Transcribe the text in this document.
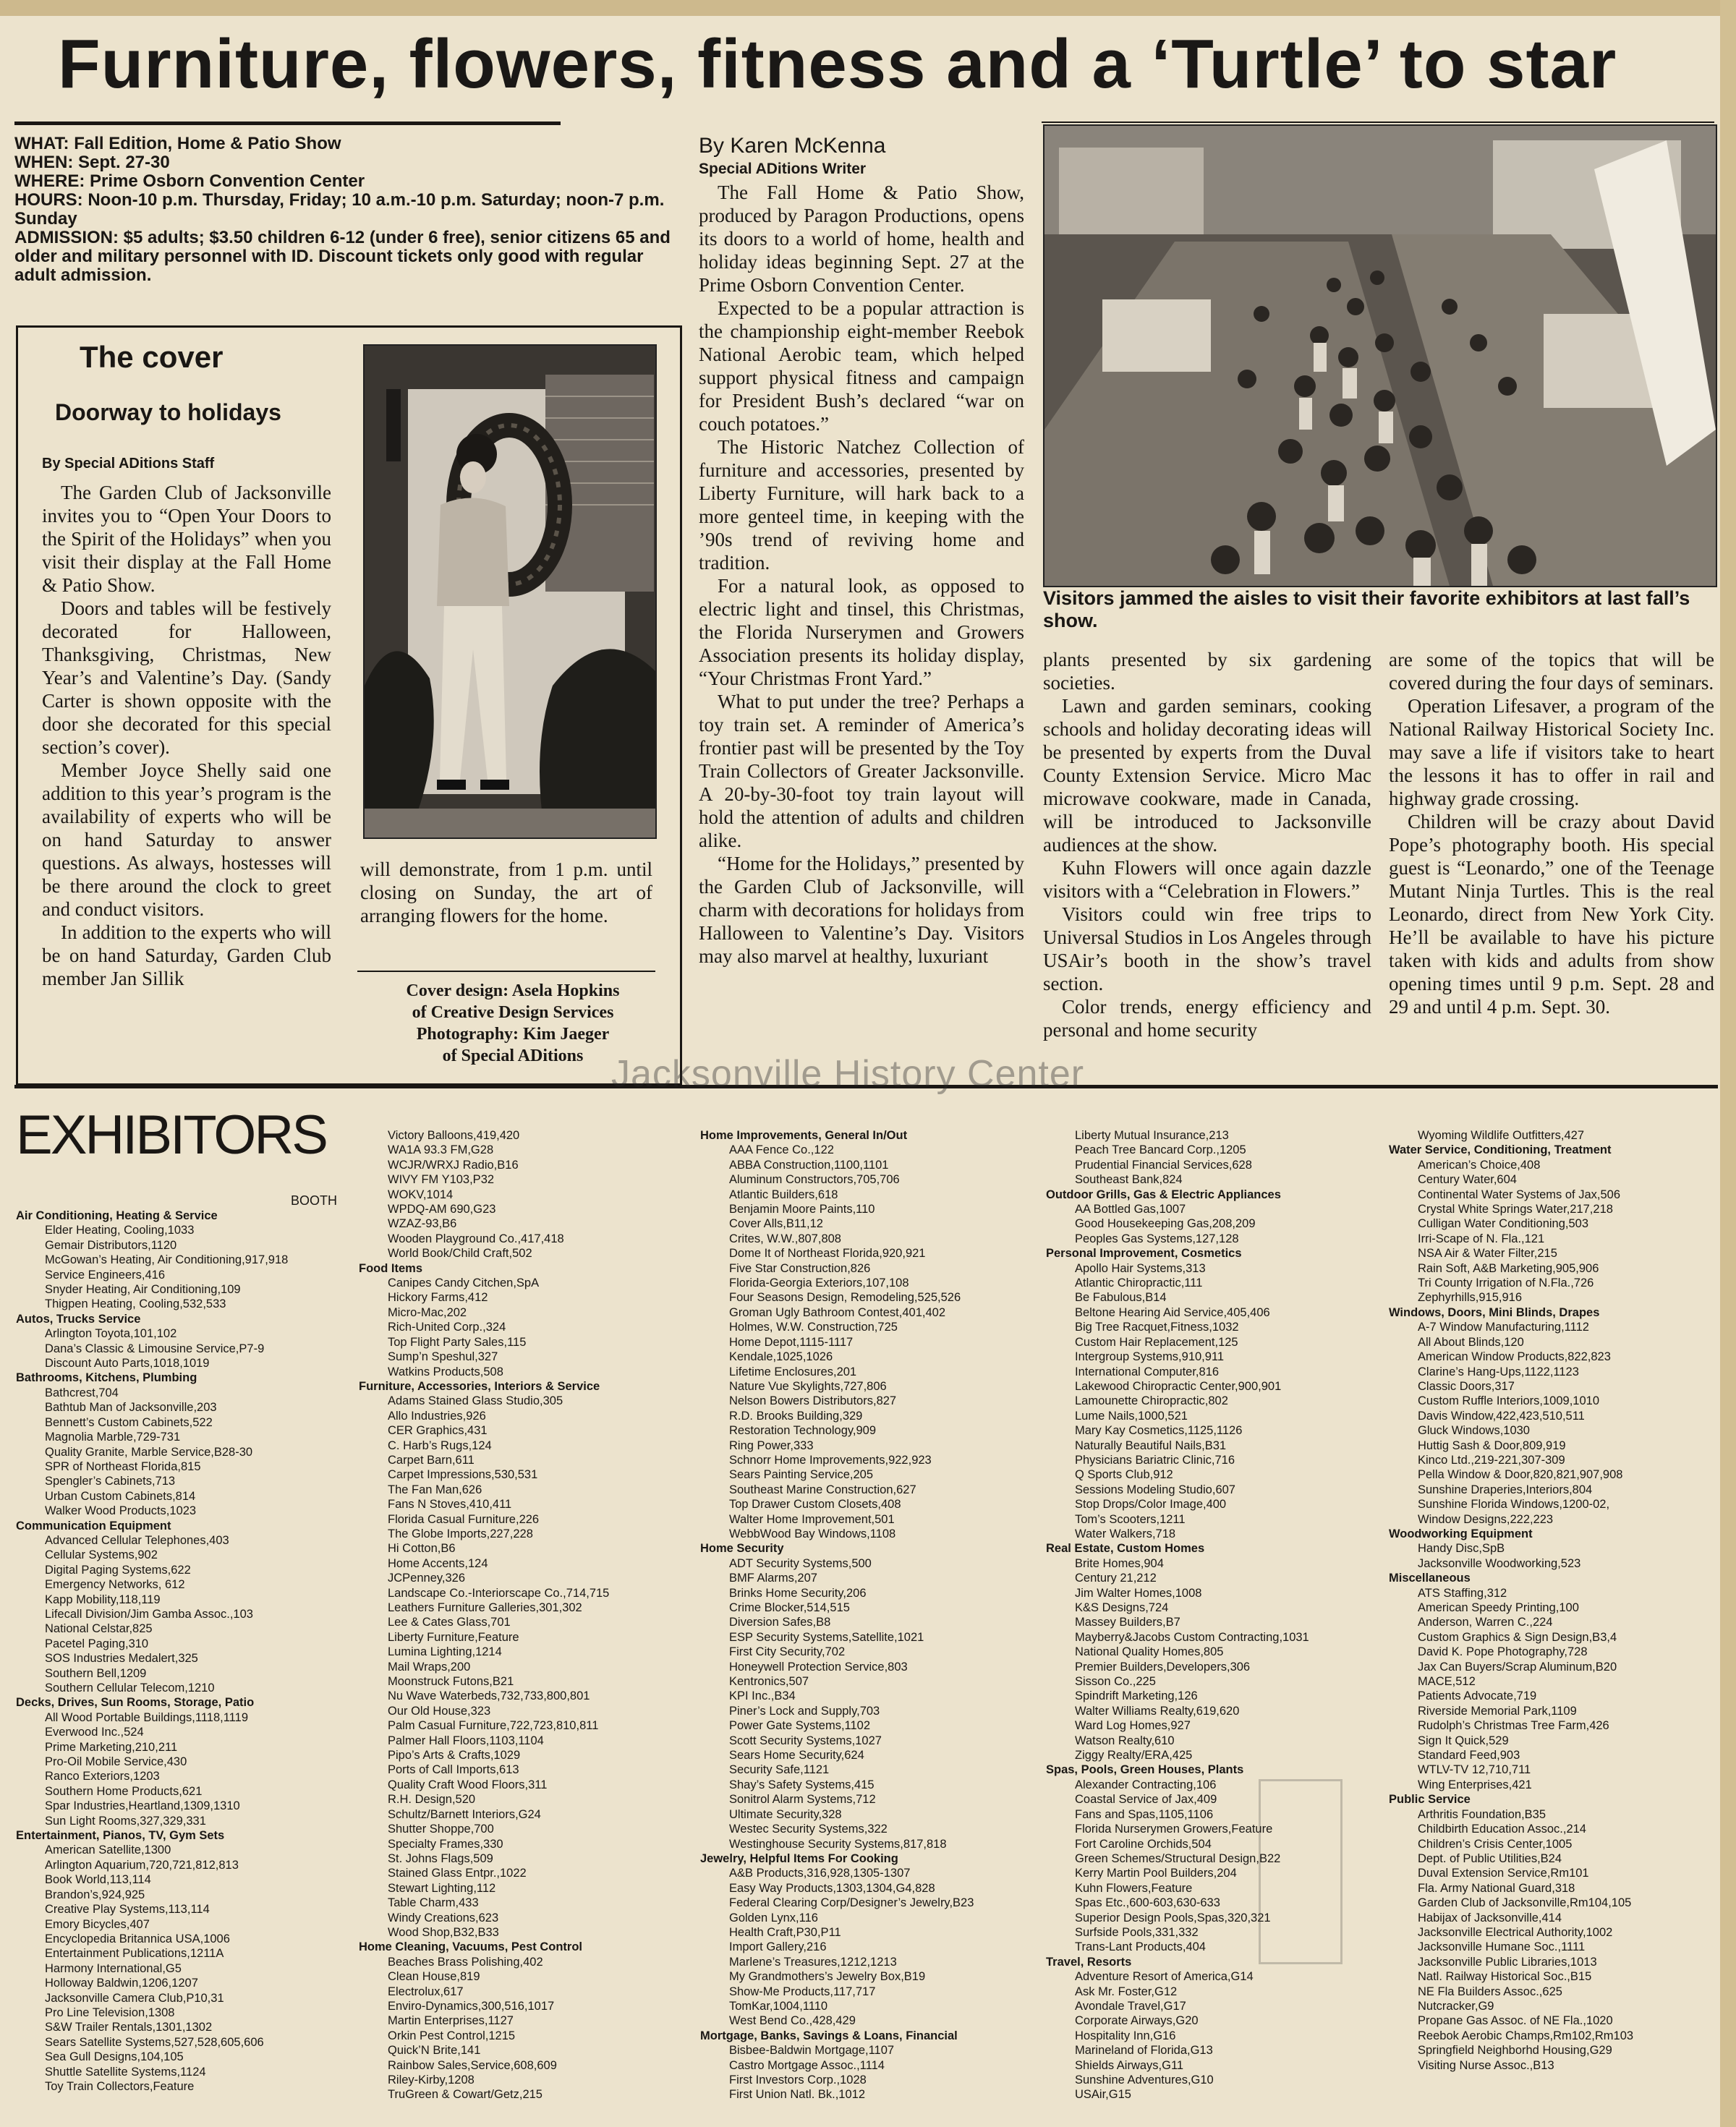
Furniture, flowers, fitness and a ‘Turtle’ to star
WHAT: Fall Edition, Home & Patio Show
WHEN: Sept. 27-30
WHERE: Prime Osborn Convention Center
HOURS: Noon-10 p.m. Thursday, Friday; 10 a.m.-10 p.m. Saturday; noon-7 p.m. Sunday
ADMISSION: $5 adults; $3.50 children 6-12 (under 6 free), senior citizens 65 and older and military personnel with ID. Discount tickets only good with regular adult admission.
The cover
Doorway to holidays
By Special ADitions Staff

The Garden Club of Jacksonville invites you to “Open Your Doors to the Spirit of the Holidays” when you visit their display at the Fall Home & Patio Show.

Doors and tables will be festively decorated for Halloween, Thanksgiving, Christmas, New Year’s and Valentine’s Day. (Sandy Carter is shown opposite with the door she decorated for this special section’s cover).

Member Joyce Shelly said one addition to this year’s program is the availability of experts who will be on hand Saturday to answer questions. As always, hostesses will be there around the clock to greet and conduct visitors.

In addition to the experts who will be on hand Saturday, Garden Club member Jan Sillik

will demonstrate, from 1 p.m. until closing on Sunday, the art of arranging flowers for the home.

Cover design: Asela Hopkins
of Creative Design Services
Photography: Kim Jaeger
of Special ADitions
By Karen McKenna
Special ADitions Writer

The Fall Home & Patio Show, produced by Paragon Productions, opens its doors to a world of home, health and holiday ideas beginning Sept. 27 at the Prime Osborn Convention Center.

Expected to be a popular attraction is the championship eight-member Reebok National Aerobic team, which helped support physical fitness and campaign for President Bush’s declared “war on couch potatoes.”

The Historic Natchez Collection of furniture and accessories, presented by Liberty Furniture, will hark back to a more genteel time, in keeping with the ’90s trend of reviving home and tradition.

For a natural look, as opposed to electric light and tinsel, this Christmas, the Florida Nurserymen and Growers Association presents its holiday display, “Your Christmas Front Yard.”

What to put under the tree? Perhaps a toy train set. A reminder of America’s frontier past will be presented by the Toy Train Collectors of Greater Jacksonville. A 20-by-30-foot toy train layout will hold the attention of adults and children alike.

“Home for the Holidays,” presented by the Garden Club of Jacksonville, will charm with decorations for holidays from Halloween to Valentine’s Day. Visitors may also marvel at healthy, luxuriant

Visitors jammed the aisles to visit their favorite exhibitors at last fall’s show.

plants presented by six gardening societies.

Lawn and garden seminars, cooking schools and holiday decorating ideas will be presented by experts from the Duval County Extension Service. Micro Mac microwave cookware, made in Canada, will be introduced to Jacksonville audiences at the show.

Kuhn Flowers will once again dazzle visitors with a “Celebration in Flowers.”

Visitors could win free trips to Universal Studios in Los Angeles through USAir’s booth in the show’s travel section.

Color trends, energy efficiency and personal and home security

are some of the topics that will be covered during the four days of seminars.

Operation Lifesaver, a program of the National Railway Historical Society Inc. may save a life if visitors take to heart the lessons it has to offer in rail and highway grade crossing.

Children will be crazy about David Pope’s photography booth. His special guest is “Leonardo,” one of the Teenage Mutant Ninja Turtles. This is the real Leonardo, direct from New York City. He’ll be available to have his picture taken with kids and adults from show opening times until 9 p.m. Sept. 28 and 29 and until 4 p.m. Sept. 30.

Jacksonville History Center
EXHIBITORS
BOOTH
Air Conditioning, Heating & Service
Elder Heating, Cooling,1033
Gemair Distributors,1120
McGowan’s Heating, Air Conditioning,917,918
Service Engineers,416
Snyder Heating, Air Conditioning,109
Thigpen Heating, Cooling,532,533
Autos, Trucks Service
Arlington Toyota,101,102
Dana’s Classic & Limousine Service,P7-9
Discount Auto Parts,1018,1019
Bathrooms, Kitchens, Plumbing
Bathcrest,704
Bathtub Man of Jacksonville,203
Bennett’s Custom Cabinets,522
Magnolia Marble,729-731
Quality Granite, Marble Service,B28-30
SPR of Northeast Florida,815
Spengler’s Cabinets,713
Urban Custom Cabinets,814
Walker Wood Products,1023
Communication Equipment
Advanced Cellular Telephones,403
Cellular Systems,902
Digital Paging Systems,622
Emergency Networks, 612
Kapp Mobility,118,119
Lifecall Division/Jim Gamba Assoc.,103
National Celstar,825
Pacetel Paging,310
SOS Industries Medalert,325
Southern Bell,1209
Southern Cellular Telecom,1210
Decks, Drives, Sun Rooms, Storage, Patio
All Wood Portable Buildings,1118,1119
Everwood Inc.,524
Prime Marketing,210,211
Pro-Oil Mobile Service,430
Ranco Exteriors,1203
Southern Home Products,621
Spar Industries,Heartland,1309,1310
Sun Light Rooms,327,329,331
Entertainment, Pianos, TV, Gym Sets
American Satellite,1300
Arlington Aquarium,720,721,812,813
Book World,113,114
Brandon’s,924,925
Creative Play Systems,113,114
Emory Bicycles,407
Encyclopedia Britannica USA,1006
Entertainment Publications,1211A
Harmony International,G5
Holloway Baldwin,1206,1207
Jacksonville Camera Club,P10,31
Pro Line Television,1308
S&W Trailer Rentals,1301,1302
Sears Satellite Systems,527,528,605,606
Sea Gull Designs,104,105
Shuttle Satellite Systems,1124
Toy Train Collectors,Feature
Victory Balloons,419,420
WA1A 93.3 FM,G28
WCJR/WRXJ Radio,B16
WIVY FM Y103,P32
WOKV,1014
WPDQ-AM 690,G23
WZAZ-93,B6
Wooden Playground Co.,417,418
World Book/Child Craft,502
Food Items
Canipes Candy Citchen,SpA
Hickory Farms,412
Micro-Mac,202
Rich-United Corp.,324
Top Flight Party Sales,115
Sump’n Speshul,327
Watkins Products,508
Furniture, Accessories, Interiors & Service
Adams Stained Glass Studio,305
Allo Industries,926
CER Graphics,431
C. Harb’s Rugs,124
Carpet Barn,611
Carpet Impressions,530,531
The Fan Man,626
Fans N Stoves,410,411
Florida Casual Furniture,226
The Globe Imports,227,228
Hi Cotton,B6
Home Accents,124
JCPenney,326
Landscape Co.-Interiorscape Co.,714,715
Leathers Furniture Galleries,301,302
Lee & Cates Glass,701
Liberty Furniture,Feature
Lumina Lighting,1214
Mail Wraps,200
Moonstruck Futons,B21
Nu Wave Waterbeds,732,733,800,801
Our Old House,323
Palm Casual Furniture,722,723,810,811
Palmer Hall Floors,1103,1104
Pipo’s Arts & Crafts,1029
Ports of Call Imports,613
Quality Craft Wood Floors,311
R.H. Design,520
Schultz/Barnett Interiors,G24
Shutter Shoppe,700
Specialty Frames,330
St. Johns Flags,509
Stained Glass Entpr.,1022
Stewart Lighting,112
Table Charm,433
Windy Creations,623
Wood Shop,B32,B33
Home Cleaning, Vacuums, Pest Control
Beaches Brass Polishing,402
Clean House,819
Electrolux,617
Enviro-Dynamics,300,516,1017
Martin Enterprises,1127
Orkin Pest Control,1215
Quick’N Brite,141
Rainbow Sales,Service,608,609
Riley-Kirby,1208
TruGreen & Cowart/Getz,215
Home Improvements, General In/Out
AAA Fence Co.,122
ABBA Construction,1100,1101
Aluminum Constructors,705,706
Atlantic Builders,618
Benjamin Moore Paints,110
Cover Alls,B11,12
Crites, W.W.,807,808
Dome It of Northeast Florida,920,921
Five Star Construction,826
Florida-Georgia Exteriors,107,108
Four Seasons Design, Remodeling,525,526
Groman Ugly Bathroom Contest,401,402
Holmes, W.W. Construction,725
Home Depot,1115-1117
Kendale,1025,1026
Lifetime Enclosures,201
Nature Vue Skylights,727,806
Nelson Bowers Distributors,827
R.D. Brooks Building,329
Restoration Technology,909
Ring Power,333
Schnorr Home Improvements,922,923
Sears Painting Service,205
Southeast Marine Construction,627
Top Drawer Custom Closets,408
Walter Home Improvement,501
WebbWood Bay Windows,1108
Home Security
ADT Security Systems,500
BMF Alarms,207
Brinks Home Security,206
Crime Blocker,514,515
Diversion Safes,B8
ESP Security Systems,Satellite,1021
First City Security,702
Honeywell Protection Service,803
Kentronics,507
KPI Inc.,B34
Piner’s Lock and Supply,703
Power Gate Systems,1102
Scott Security Systems,1027
Sears Home Security,624
Security Safe,1121
Shay’s Safety Systems,415
Sonitrol Alarm Systems,712
Ultimate Security,328
Westec Security Systems,322
Westinghouse Security Systems,817,818
Jewelry, Helpful Items For Cooking
A&B Products,316,928,1305-1307
Easy Way Products,1303,1304,G4,828
Federal Clearing Corp/Designer’s Jewelry,B23
Golden Lynx,116
Health Craft,P30,P11
Import Gallery,216
Marlene’s Treasures,1212,1213
My Grandmothers’s Jewelry Box,B19
Show-Me Products,117,717
TomKar,1004,1110
West Bend Co.,428,429
Mortgage, Banks, Savings & Loans, Financial
Bisbee-Baldwin Mortgage,1107
Castro Mortgage Assoc.,1114
First Investors Corp.,1028
First Union Natl. Bk.,1012
Liberty Mutual Insurance,213
Peach Tree Bancard Corp.,1205
Prudential Financial Services,628
Southeast Bank,824
Outdoor Grills, Gas & Electric Appliances
AA Bottled Gas,1007
Good Housekeeping Gas,208,209
Peoples Gas Systems,127,128
Personal Improvement, Cosmetics
Apollo Hair Systems,313
Atlantic Chiropractic,111
Be Fabulous,B14
Beltone Hearing Aid Service,405,406
Big Tree Racquet,Fitness,1032
Custom Hair Replacement,125
Intergroup Systems,910,911
International Computer,816
Lakewood Chiropractic Center,900,901
Lamounette Chiropractic,802
Lume Nails,1000,521
Mary Kay Cosmetics,1125,1126
Naturally Beautiful Nails,B31
Physicians Bariatric Clinic,716
Q Sports Club,912
Sessions Modeling Studio,607
Stop Drops/Color Image,400
Tom’s Scooters,1211
Water Walkers,718
Real Estate, Custom Homes
Brite Homes,904
Century 21,212
Jim Walter Homes,1008
K&S Designs,724
Massey Builders,B7
Mayberry&Jacobs Custom Contracting,1031
National Quality Homes,805
Premier Builders,Developers,306
Sisson Co.,225
Spindrift Marketing,126
Walter Williams Realty,619,620
Ward Log Homes,927
Watson Realty,610
Ziggy Realty/ERA,425
Spas, Pools, Green Houses, Plants
Alexander Contracting,106
Coastal Service of Jax,409
Fans and Spas,1105,1106
Florida Nurserymen Growers,Feature
Fort Caroline Orchids,504
Green Schemes/Structural Design,B22
Kerry Martin Pool Builders,204
Kuhn Flowers,Feature
Spas Etc.,600-603,630-633
Superior Design Pools,Spas,320,321
Surfside Pools,331,332
Trans-Lant Products,404
Travel, Resorts
Adventure Resort of America,G14
Ask Mr. Foster,G12
Avondale Travel,G17
Corporate Airways,G20
Hospitality Inn,G16
Marineland of Florida,G13
Shields Airways,G11
Sunshine Adventures,G10
USAir,G15
Wyoming Wildlife Outfitters,427
Water Service, Conditioning, Treatment
American’s Choice,408
Century Water,604
Continental Water Systems of Jax,506
Crystal White Springs Water,217,218
Culligan Water Conditioning,503
Irri-Scape of N. Fla.,121
NSA Air & Water Filter,215
Rain Soft, A&B Marketing,905,906
Tri County Irrigation of N.Fla.,726
Zephyrhills,915,916
Windows, Doors, Mini Blinds, Drapes
A-7 Window Manufacturing,1112
All About Blinds,120
American Window Products,822,823
Clarine’s Hang-Ups,1122,1123
Classic Doors,317
Custom Ruffle Interiors,1009,1010
Davis Window,422,423,510,511
Gluck Windows,1030
Huttig Sash & Door,809,919
Kinco Ltd.,219-221,307-309
Pella Window & Door,820,821,907,908
Sunshine Draperies,Interiors,804
Sunshine Florida Windows,1200-02,
Window Designs,222,223
Woodworking Equipment
Handy Disc,SpB
Jacksonville Woodworking,523
Miscellaneous
ATS Staffing,312
American Speedy Printing,100
Anderson, Warren C.,224
Custom Graphics & Sign Design,B3,4
David K. Pope Photography,728
Jax Can Buyers/Scrap Aluminum,B20
MACE,512
Patients Advocate,719
Riverside Memorial Park,1109
Rudolph’s Christmas Tree Farm,426
Sign It Quick,529
Standard Feed,903
WTLV-TV 12,710,711
Wing Enterprises,421
Public Service
Arthritis Foundation,B35
Childbirth Education Assoc.,214
Children’s Crisis Center,1005
Dept. of Public Utilities,B24
Duval Extension Service,Rm101
Fla. Army National Guard,318
Garden Club of Jacksonville,Rm104,105
Habijax of Jacksonville,414
Jacksonville Electrical Authority,1002
Jacksonville Humane Soc.,1111
Jacksonville Public Libraries,1013
Natl. Railway Historical Soc.,B15
NE Fla Builders Assoc.,625
Nutcracker,G9
Propane Gas Assoc. of NE Fla.,1020
Reebok Aerobic Champs,Rm102,Rm103
Springfield Neighborhd Housing,G29
Visiting Nurse Assoc.,B13
